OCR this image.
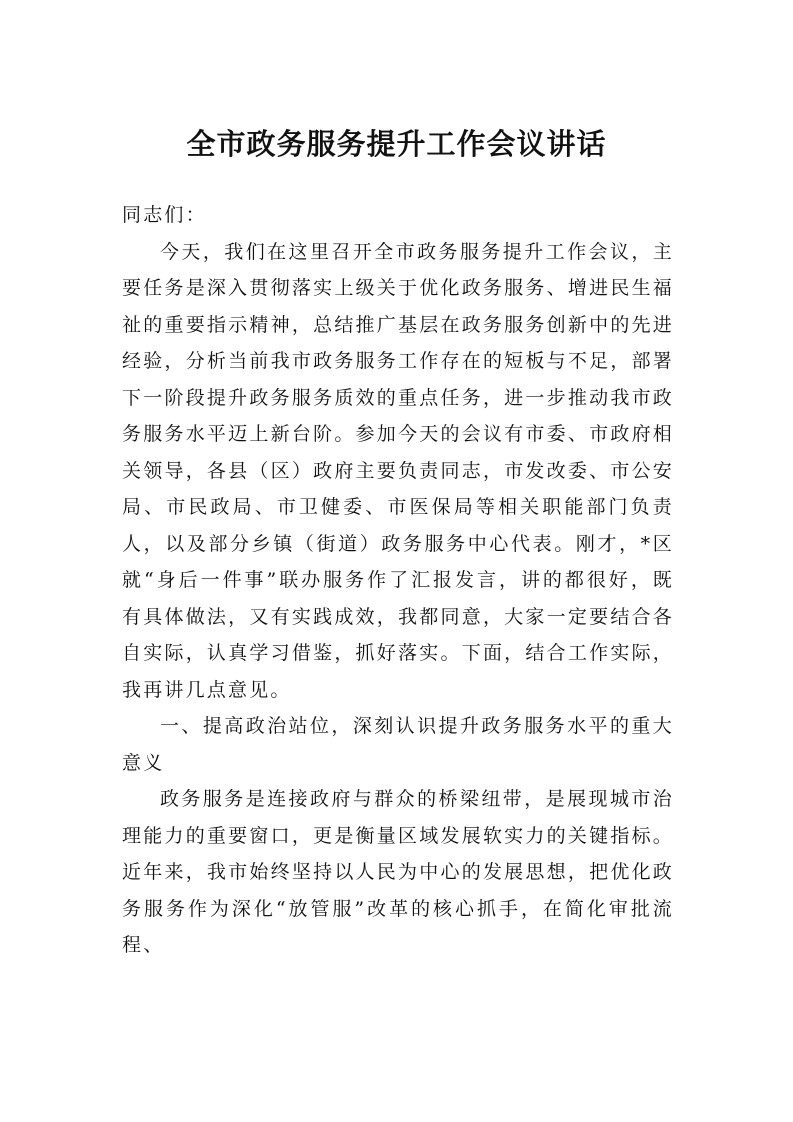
全市政务服务提升工作会议讲话

同志们：

今天，我们在这里召开全市政务服务提升工作会议，主要任务是深入贯彻落实上级关于优化政务服务、增进民生福祉的重要指示精神，总结推广基层在政务服务创新中的先进经验，分析当前我市政务服务工作存在的短板与不足，部署下一阶段提升政务服务质效的重点任务，进一步推动我市政务服务水平迈上新台阶。参加今天的会议有市委、市政府相关领导，各县（区）政府主要负责同志，市发改委、市公安局、市民政局、市卫健委、市医保局等相关职能部门负责人，以及部分乡镇（街道）政务服务中心代表。刚才，*区就“身后一件事”联办服务作了汇报发言，讲的都很好，既有具体做法，又有实践成效，我都同意，大家一定要结合各自实际，认真学习借鉴，抓好落实。下面，结合工作实际，我再讲几点意见。

一、提高政治站位，深刻认识提升政务服务水平的重大意义

政务服务是连接政府与群众的桥梁纽带，是展现城市治理能力的重要窗口，更是衡量区域发展软实力的关键指标。近年来，我市始终坚持以人民为中心的发展思想，把优化政务服务作为深化“放管服”改革的核心抓手，在简化审批流程、
